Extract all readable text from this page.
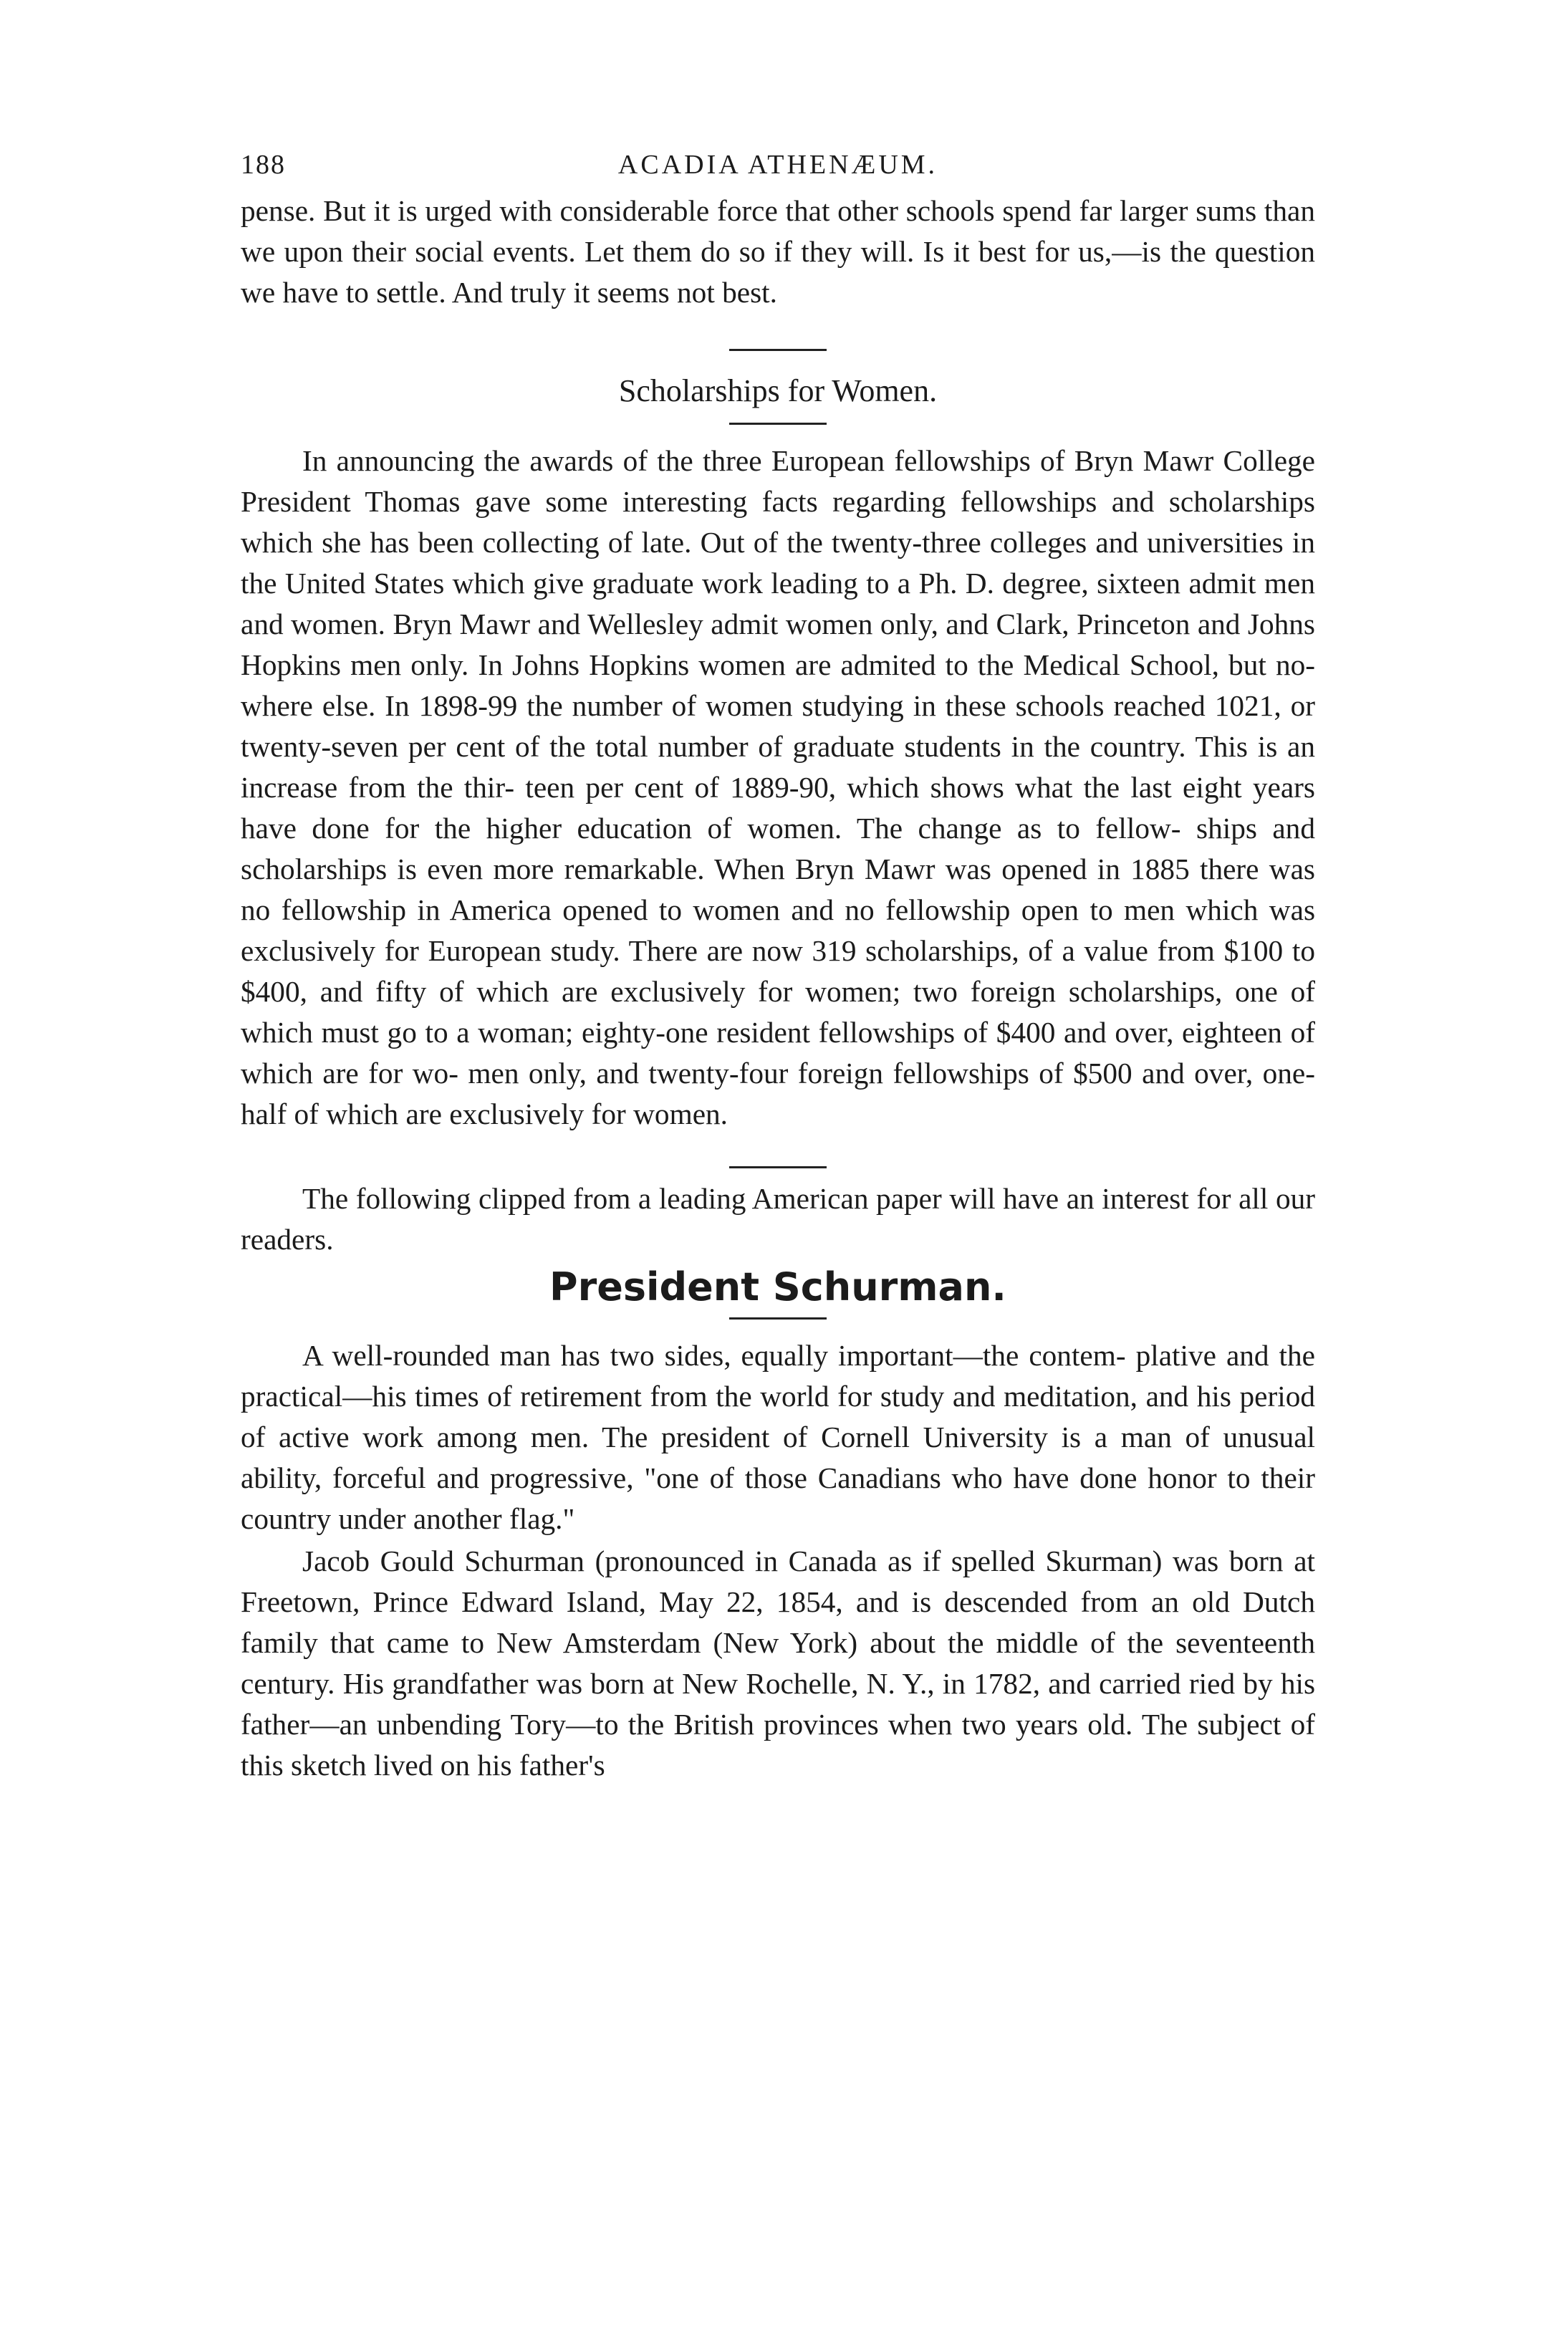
188	ACADIA ATHENÆUM.

pense. But it is urged with considerable force that other schools spend far larger sums than we upon their social events. Let them do so if they will. Is it best for us,—is the question we have to settle. And truly it seems not best.

Scholarships for Women.

In announcing the awards of the three European fellowships of Bryn Mawr College President Thomas gave some interesting facts regarding fellowships and scholarships which she has been collecting of late. Out of the twenty-three colleges and universities in the United States which give graduate work leading to a Ph. D. degree, sixteen admit men and women. Bryn Mawr and Wellesley admit women only, and Clark, Princeton and Johns Hopkins men only. In Johns Hopkins women are admited to the Medical School, but no- where else. In 1898-99 the number of women studying in these schools reached 1021, or twenty-seven per cent of the total number of graduate students in the country. This is an increase from the thir- teen per cent of 1889-90, which shows what the last eight years have done for the higher education of women. The change as to fellow- ships and scholarships is even more remarkable. When Bryn Mawr was opened in 1885 there was no fellowship in America opened to women and no fellowship open to men which was exclusively for European study. There are now 319 scholarships, of a value from $100 to $400, and fifty of which are exclusively for women; two foreign scholarships, one of which must go to a woman; eighty-one resident fellowships of $400 and over, eighteen of which are for wo- men only, and twenty-four foreign fellowships of $500 and over, one- half of which are exclusively for women.

The following clipped from a leading American paper will have an interest for all our readers.

President Schurman.

A well-rounded man has two sides, equally important—the contem- plative and the practical—his times of retirement from the world for study and meditation, and his period of active work among men. The president of Cornell University is a man of unusual ability, forceful and progressive, "one of those Canadians who have done honor to their country under another flag."

Jacob Gould Schurman (pronounced in Canada as if spelled Skurman) was born at Freetown, Prince Edward Island, May 22, 1854, and is descended from an old Dutch family that came to New Amsterdam (New York) about the middle of the seventeenth century. His grandfather was born at New Rochelle, N. Y., in 1782, and carried ried by his father—an unbending Tory—to the British provinces when two years old. The subject of this sketch lived on his father's
